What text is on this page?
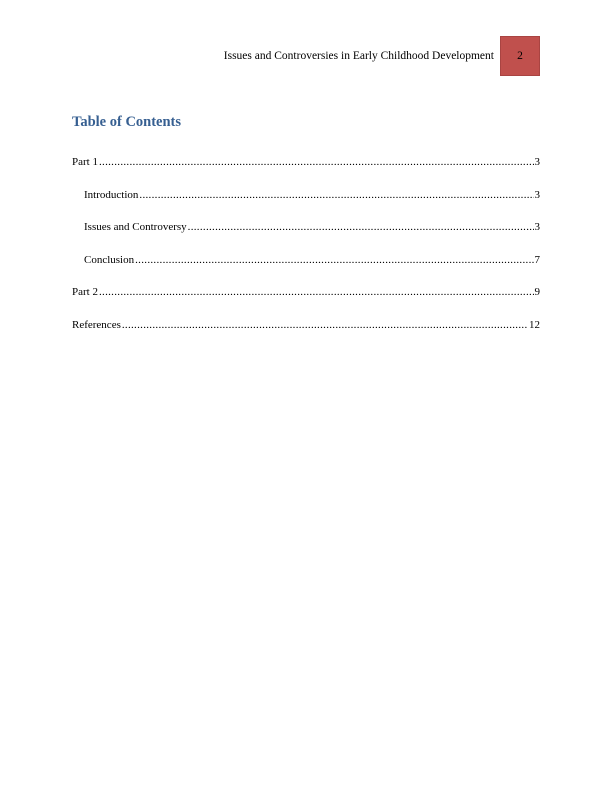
Issues and Controversies in Early Childhood Development 2
Table of Contents
Part 1 .....	3
Introduction .....	3
Issues and Controversy .....	3
Conclusion .....	7
Part 2 .....	9
References .....	12
